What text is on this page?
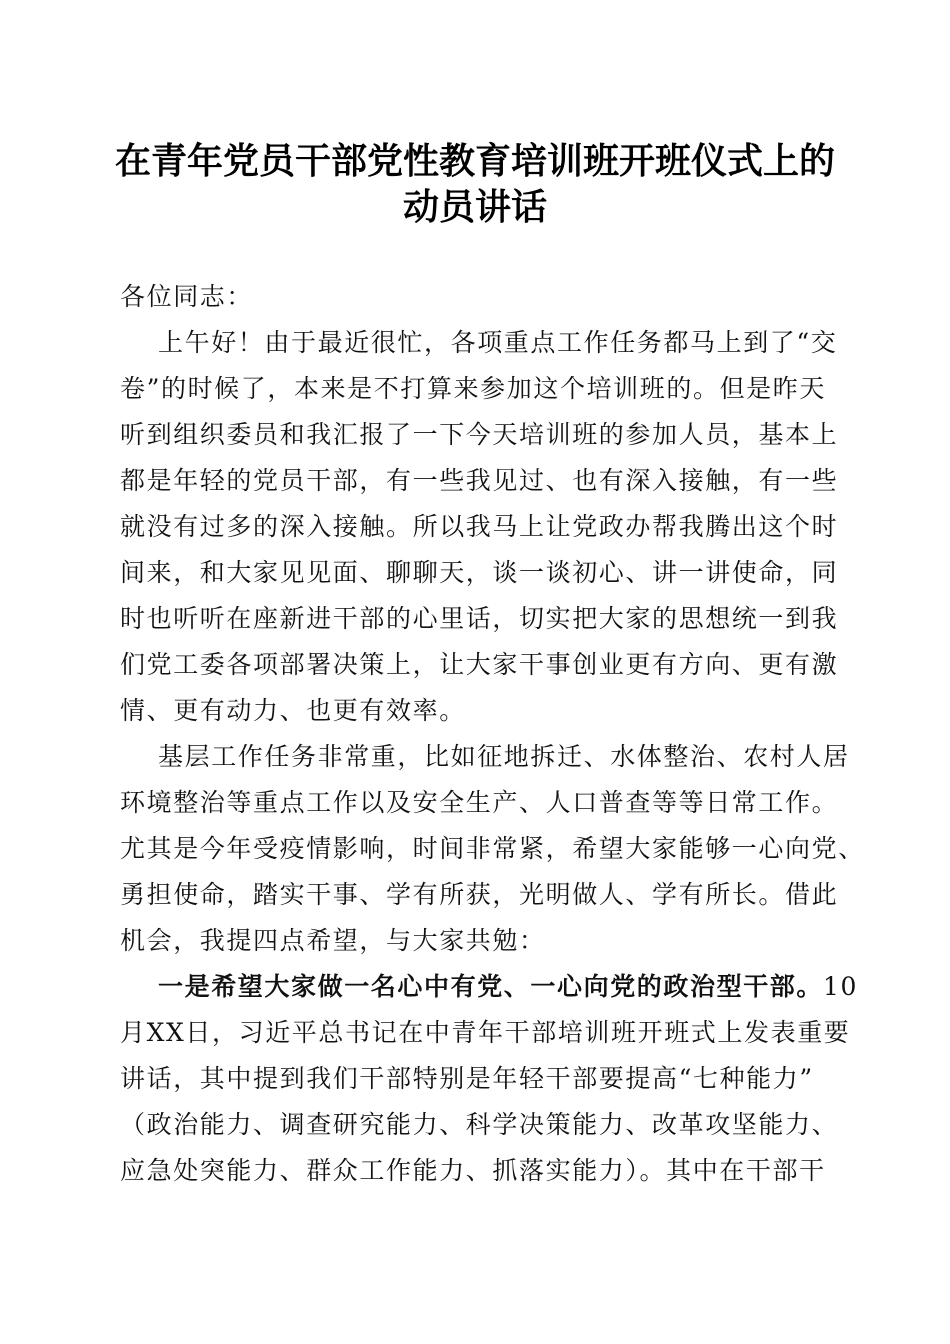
在青年党员干部党性教育培训班开班仪式上的
动员讲话
各位同志：
上午好！由于最近很忙，各项重点工作任务都马上到了“交
卷”的时候了，本来是不打算来参加这个培训班的。但是昨天
听到组织委员和我汇报了一下今天培训班的参加人员，基本上
都是年轻的党员干部，有一些我见过、也有深入接触，有一些
就没有过多的深入接触。所以我马上让党政办帮我腾出这个时
间来，和大家见见面、聊聊天，谈一谈初心、讲一讲使命，同
时也听听在座新进干部的心里话，切实把大家的思想统一到我
们党工委各项部署决策上，让大家干事创业更有方向、更有激
情、更有动力、也更有效率。
基层工作任务非常重，比如征地拆迁、水体整治、农村人居
环境整治等重点工作以及安全生产、人口普查等等日常工作。
尤其是今年受疫情影响，时间非常紧，希望大家能够一心向党、
勇担使命，踏实干事、学有所获，光明做人、学有所长。借此
机会，我提四点希望，与大家共勉：
一是希望大家做一名心中有党、一心向党的政治型干部。10
月XX日，习近平总书记在中青年干部培训班开班式上发表重要
讲话，其中提到我们干部特别是年轻干部要提高“七种能力”
（政治能力、调查研究能力、科学决策能力、改革攻坚能力、
应急处突能力、群众工作能力、抓落实能力）。其中在干部干
